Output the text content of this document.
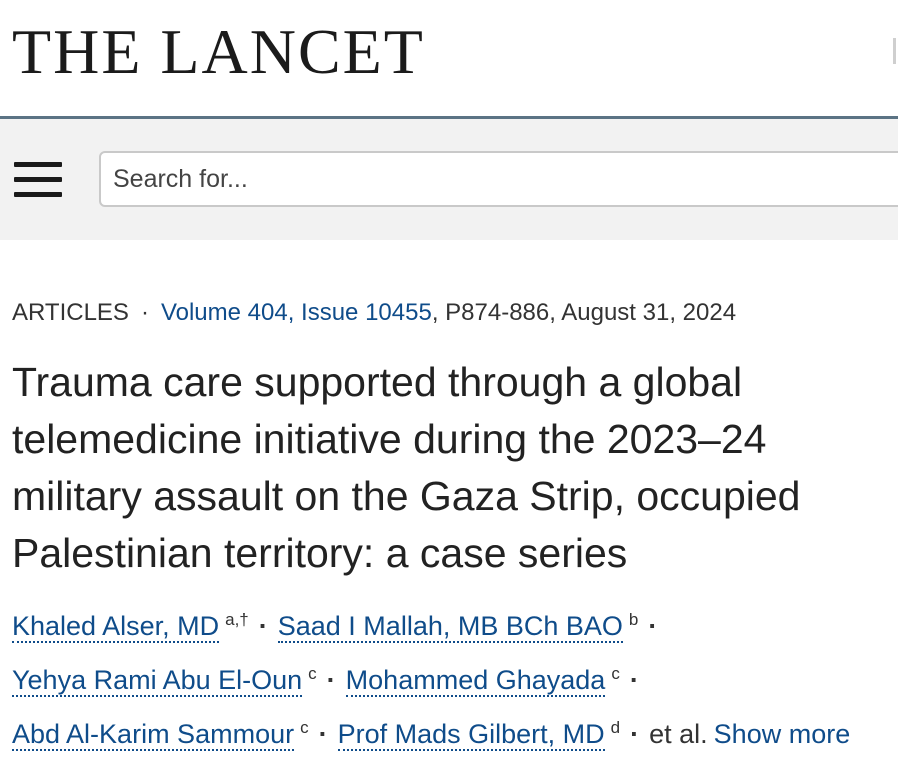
THE LANCET
Search for...
ARTICLES · Volume 404, Issue 10455, P874-886, August 31, 2024
Trauma care supported through a global telemedicine initiative during the 2023–24 military assault on the Gaza Strip, occupied Palestinian territory: a case series
Khaled Alser, MD $^{a,\dagger}$ · Saad I Mallah, MB BCh BAO $^b$ ·
Yehya Rami Abu El-Oun $^c$ · Mohammed Ghayada $^c$ ·
Abd Al-Karim Sammour $^c$ · Prof Mads Gilbert, MD $^d$ · et al. Show more
